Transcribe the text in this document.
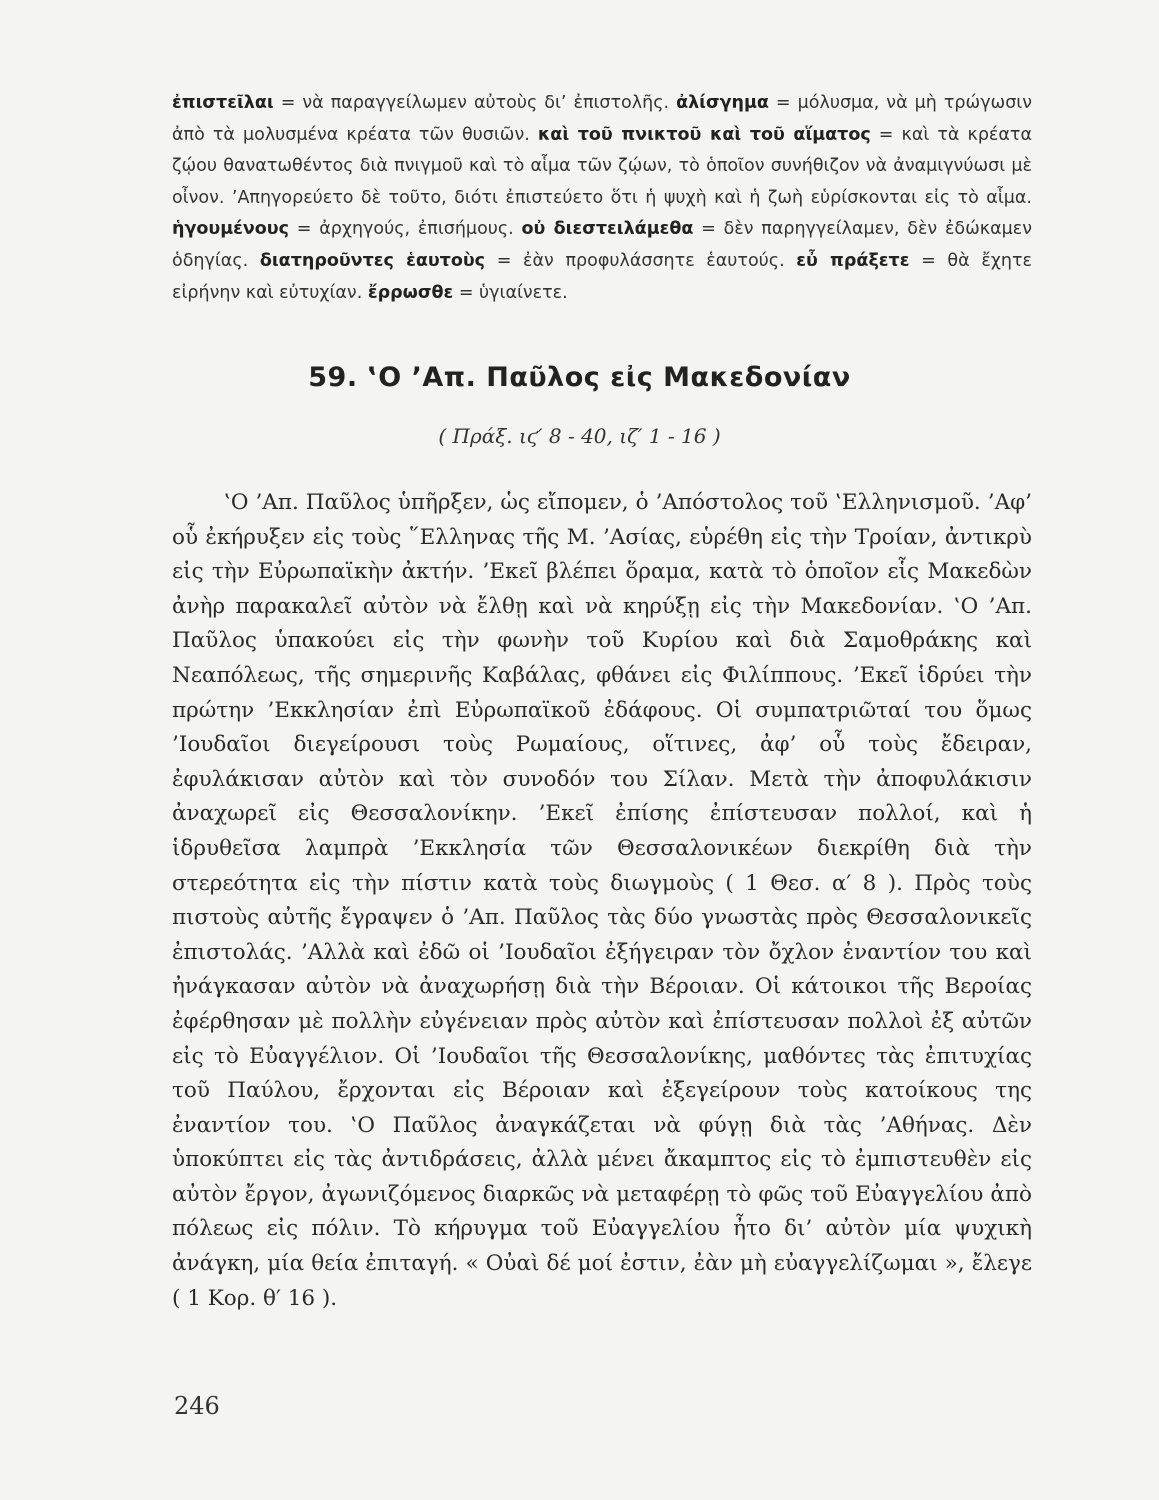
ἐπιστεῖλαι = νὰ παραγγείλωμεν αὐτοὺς δι’ ἐπιστολῆς. ἀλίσγημα = μόλυσμα, νὰ μὴ τρώγωσιν ἀπὸ τὰ μολυσμένα κρέατα τῶν θυσιῶν. καὶ τοῦ πνικτοῦ καὶ τοῦ αἵματος = καὶ τὰ κρέατα ζῴου θανατωθέντος διὰ πνιγμοῦ καὶ τὸ αἷμα τῶν ζῴων, τὸ ὁποῖον συνήθιζον νὰ ἀναμιγνύωσι μὲ οἶνον. ’Απηγορεύετο δὲ τοῦτο, διότι ἐπιστεύετο ὅτι ἡ ψυχὴ καὶ ἡ ζωὴ εὑρίσκονται εἰς τὸ αἷμα. ἡγουμένους = ἀρχηγούς, ἐπισήμους. οὐ διεστειλάμεθα = δὲν παρηγγείλαμεν, δὲν ἐδώκαμεν ὁδηγίας. διατηροῦντες ἑαυτοὺς = ἐὰν προφυλάσσητε ἑαυτούς. εὖ πράξετε = θὰ ἔχητε εἰρήνην καὶ εὐτυχίαν. ἔρρωσθε = ὑγιαίνετε.
59. ‛Ο ’Απ. Παῦλος εἰς Μακεδονίαν
( Πράξ. ιϛ′ 8 - 40, ιζ′ 1 - 16 )
‛Ο ’Απ. Παῦλος ὑπῆρξεν, ὡς εἴπομεν, ὁ ’Απόστολος τοῦ ‛Ελληνισμοῦ. ’Αφ’ οὗ ἐκήρυξεν εἰς τοὺς ῞Ελληνας τῆς Μ. ’Ασίας, εὑρέθη εἰς τὴν Τροίαν, ἀντικρὺ εἰς τὴν Εὐρωπαϊκὴν ἀκτήν. ’Εκεῖ βλέπει ὅραμα, κατὰ τὸ ὁποῖον εἷς Μακεδὼν ἀνὴρ παρακαλεῖ αὐτὸν νὰ ἔλθῃ καὶ νὰ κηρύξῃ εἰς τὴν Μακεδονίαν. ‛Ο ’Απ. Παῦλος ὑπακούει εἰς τὴν φωνὴν τοῦ Κυρίου καὶ διὰ Σαμοθράκης καὶ Νεαπόλεως, τῆς σημερινῆς Καβάλας, φθάνει εἰς Φιλίππους. ’Εκεῖ ἱδρύει τὴν πρώτην ’Εκκλησίαν ἐπὶ Εὐρωπαϊκοῦ ἐδάφους. Οἱ συμπατριῶταί του ὅμως ’Ιουδαῖοι διεγείρουσι τοὺς Ρωμαίους, οἵτινες, ἀφ’ οὗ τοὺς ἔδειραν, ἐφυλάκισαν αὐτὸν καὶ τὸν συνοδόν του Σίλαν. Μετὰ τὴν ἀποφυλάκισιν ἀναχωρεῖ εἰς Θεσσαλονίκην. ’Εκεῖ ἐπίσης ἐπίστευσαν πολλοί, καὶ ἡ ἱδρυθεῖσα λαμπρὰ ’Εκκλησία τῶν Θεσσαλονικέων διεκρίθη διὰ τὴν στερεότητα εἰς τὴν πίστιν κατὰ τοὺς διωγμοὺς ( 1 Θεσ. α′ 8 ). Πρὸς τοὺς πιστοὺς αὐτῆς ἔγραψεν ὁ ’Απ. Παῦλος τὰς δύο γνωστὰς πρὸς Θεσσαλονικεῖς ἐπιστολάς. ’Αλλὰ καὶ ἐδῶ οἱ ’Ιουδαῖοι ἐξήγειραν τὸν ὄχλον ἐναντίον του καὶ ἠνάγκασαν αὐτὸν νὰ ἀναχωρήσῃ διὰ τὴν Βέροιαν. Οἱ κάτοικοι τῆς Βεροίας ἐφέρθησαν μὲ πολλὴν εὐγένειαν πρὸς αὐτὸν καὶ ἐπίστευσαν πολλοὶ ἐξ αὐτῶν εἰς τὸ Εὐαγγέλιον. Οἱ ’Ιουδαῖοι τῆς Θεσσαλονίκης, μαθόντες τὰς ἐπιτυχίας τοῦ Παύλου, ἔρχονται εἰς Βέροιαν καὶ ἐξεγείρουν τοὺς κατοίκους της ἐναντίον του. ‛Ο Παῦλος ἀναγκάζεται νὰ φύγῃ διὰ τὰς ’Αθήνας. Δὲν ὑποκύπτει εἰς τὰς ἀντιδράσεις, ἀλλὰ μένει ἄκαμπτος εἰς τὸ ἐμπιστευθὲν εἰς αὐτὸν ἔργον, ἀγωνιζόμενος διαρκῶς νὰ μεταφέρῃ τὸ φῶς τοῦ Εὐαγγελίου ἀπὸ πόλεως εἰς πόλιν. Τὸ κήρυγμα τοῦ Εὐαγγελίου ἦτο δι’ αὐτὸν μία ψυχικὴ ἀνάγκη, μία θεία ἐπιταγή. « Οὐαὶ δέ μοί ἐστιν, ἐὰν μὴ εὐαγγελίζωμαι », ἔλεγε ( 1 Κορ. θ′ 16 ).
246
